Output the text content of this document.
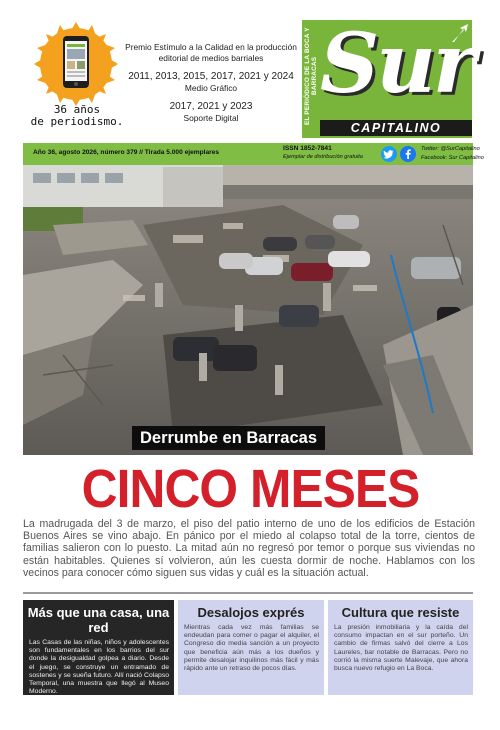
36 años
de periodismo.
Premio Estímulo a la Calidad en la producción editorial de medios barriales
2011, 2013, 2015, 2017, 2021 y 2024
Medio Gráfico
2017, 2021 y 2023
Soporte Digital	EL PERIÓDICO DE LA BOCA Y BARRACAS Sur
CAPITALINO
Año 36, agosto 2026, número 379 // Tirada 5.000 ejemplares
ISSN 1852-7841
Ejemplar de distribución gratuita
Twitter: @SurCapitalino
Facebook: Sur Capitalino
Derrumbe en Barracas
CINCO MESES
La madrugada del 3 de marzo, el piso del patio interno de uno de los edificios de Estación Buenos Aires se vino abajo. En pánico por el miedo al colapso total de la torre, cientos de familias salieron con lo puesto. La mitad aún no regresó por temor o porque sus viviendas no están habitables. Quienes sí volvieron, aún les cuesta dormir de noche. Hablamos con los vecinos para conocer cómo siguen sus vidas y cuál es la situación actual.
Más que una casa, una red

Las Casas de las niñas, niños y adolescentes son fundamentales en los barrios del sur donde la desigualdad golpea a diario. Desde el juego, se construye un entramado de sostenes y se sueña futuro. Allí nació Colapso Temporal, una muestra que llegó al Museo Moderno.

Desalojos exprés

Mientras cada vez más familias se endeudan para comer o pagar el alquiler, el Congreso dio media sanción a un proyecto que beneficia aún más a los dueños y permite desalojar inquilinos más fácil y más rápido ante un retraso de pocos días.

Cultura que resiste

La presión inmobiliaria y la caída del consumo impactan en el sur porteño. Un cambio de firmas salvó del cierre a Los Laureles, bar notable de Barracas. Pero no corrió la misma suerte Malevaje, que ahora busca nuevo refugio en La Boca.
